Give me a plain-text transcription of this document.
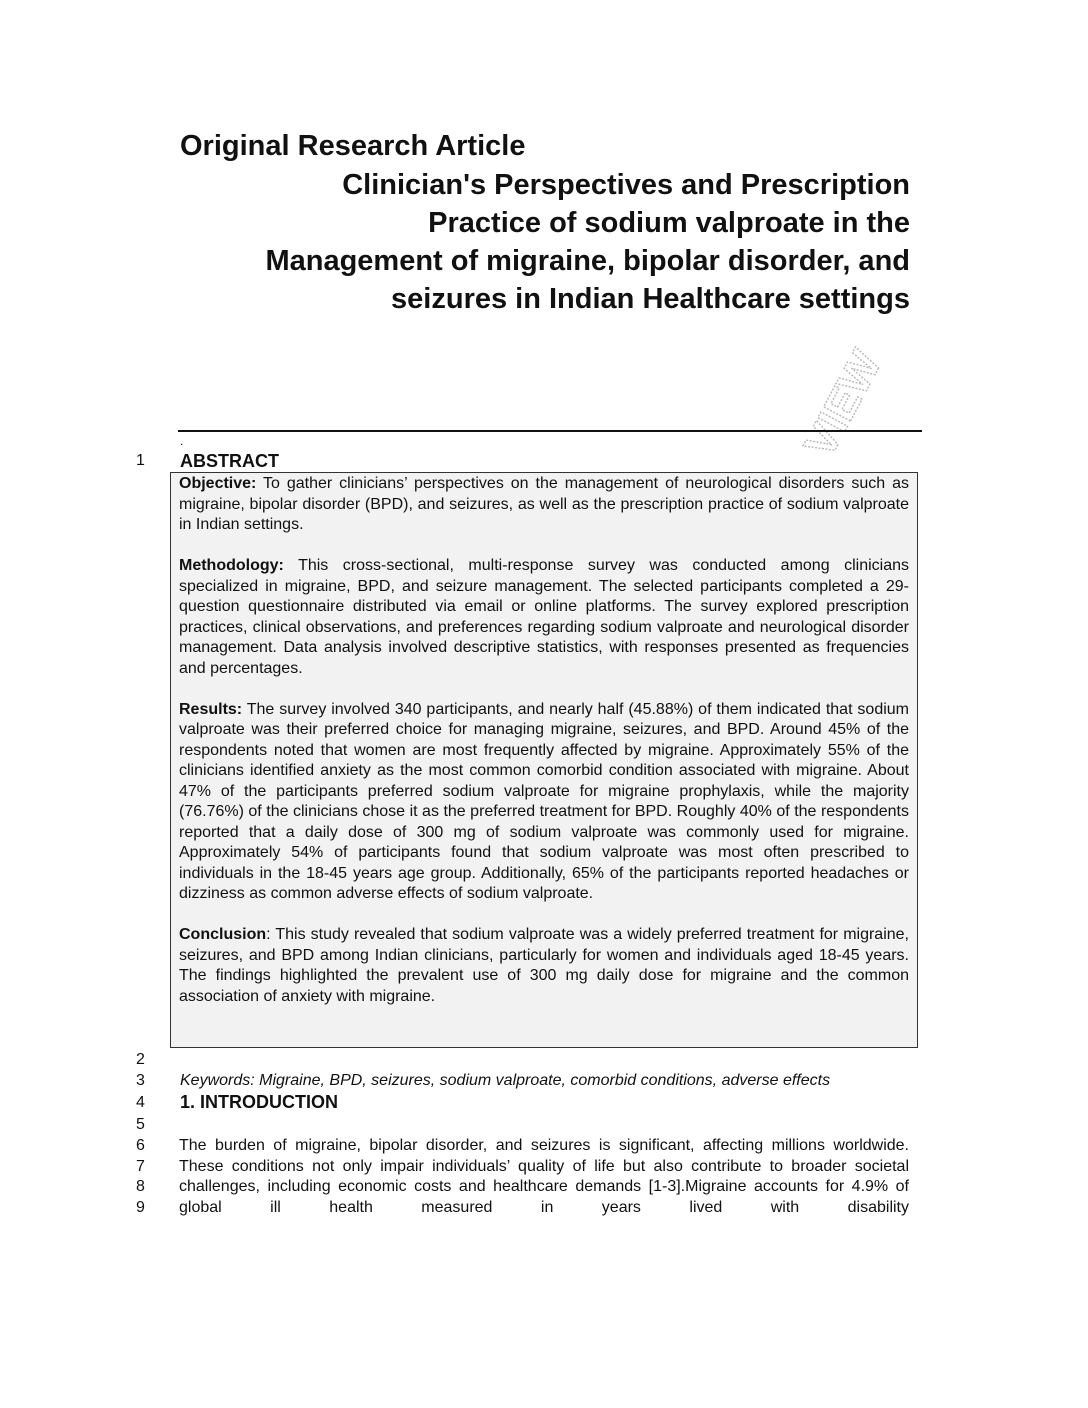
Original Research Article
Clinician's Perspectives and Prescription
Practice of sodium valproate in the
Management of migraine, bipolar disorder, and
seizures in Indian Healthcare settings
VIEW
.
1 ABSTRACT

Objective: To gather clinicians’ perspectives on the management of neurological disorders such as migraine, bipolar disorder (BPD), and seizures, as well as the prescription practice of sodium valproate in Indian settings.

Methodology: This cross-sectional, multi-response survey was conducted among clinicians specialized in migraine, BPD, and seizure management. The selected participants completed a 29-question questionnaire distributed via email or online platforms. The survey explored prescription practices, clinical observations, and preferences regarding sodium valproate and neurological disorder management. Data analysis involved descriptive statistics, with responses presented as frequencies and percentages.

Results: The survey involved 340 participants, and nearly half (45.88%) of them indicated that sodium valproate was their preferred choice for managing migraine, seizures, and BPD. Around 45% of the respondents noted that women are most frequently affected by migraine. Approximately 55% of the clinicians identified anxiety as the most common comorbid condition associated with migraine. About 47% of the participants preferred sodium valproate for migraine prophylaxis, while the majority (76.76%) of the clinicians chose it as the preferred treatment for BPD. Roughly 40% of the respondents reported that a daily dose of 300 mg of sodium valproate was commonly used for migraine. Approximately 54% of participants found that sodium valproate was most often prescribed to individuals in the 18-45 years age group. Additionally, 65% of the participants reported headaches or dizziness as common adverse effects of sodium valproate.

Conclusion: This study revealed that sodium valproate was a widely preferred treatment for migraine, seizures, and BPD among Indian clinicians, particularly for women and individuals aged 18-45 years. The findings highlighted the prevalent use of 300 mg daily dose for migraine and the common association of anxiety with migraine.

2
3	Keywords: Migraine, BPD, seizures, sodium valproate, comorbid conditions, adverse effects
4 1. INTRODUCTION
5
6
7
8
9
The burden of migraine, bipolar disorder, and seizures is significant, affecting millions worldwide. These conditions not only impair individuals’ quality of life but also contribute to broader societal challenges, including economic costs and healthcare demands [1-3].Migraine accounts for 4.9% of global ill health measured in years lived with disability
